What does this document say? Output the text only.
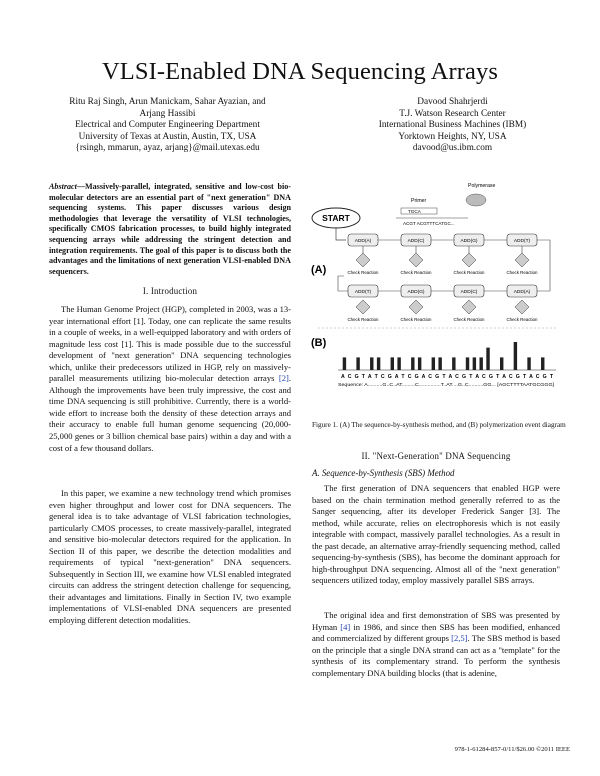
VLSI-Enabled DNA Sequencing Arrays
Ritu Raj Singh, Arun Manickam, Sahar Ayazian, and
Arjang Hassibi
Electrical and Computer Engineering Department
University of Texas at Austin, Austin, TX, USA
{rsingh, mmarun, ayaz, arjang}@mail.utexas.edu
Davood Shahrjerdi
T.J. Watson Research Center
International Business Machines (IBM)
Yorktown Heights, NY, USA
davood@us.ibm.com
Abstract—Massively-parallel, integrated, sensitive and low-cost bio-molecular detectors are an essential part of "next generation" DNA sequencing systems. This paper discusses various design methodologies that leverage the versatility of VLSI technologies, specifically CMOS fabrication processes, to build highly integrated sequencing arrays while addressing the stringent detection and integration requirements. The goal of this paper is to discuss both the advantages and the limitations of next generation VLSI-enabled DNA sequencers.
I. Introduction

The Human Genome Project (HGP), completed in 2003, was a 13-year international effort [1]. Today, one can replicate the same results in a couple of weeks, in a well-equipped laboratory and with orders of magnitude less cost [1]. This is made possible due to the successful development of "next generation" DNA sequencing technologies which, unlike their predecessors utilized in HGP, rely on massively-parallel measurements utilizing bio-molecular detection arrays [2]. Although the improvements have been truly impressive, the cost and time DNA sequencing is still prohibitive. Currently, there is a world-wide effort to increase both the density of these detection arrays and their accuracy to enable full human genome sequencing (20,000-25,000 genes or 3 billion chemical base pairs) within a day and with a cost of a few thousand dollars.

In this paper, we examine a new technology trend which promises even higher throughput and lower cost for DNA sequencers. The general idea is to take advantage of VLSI fabrication technologies, particularly CMOS processes, to create massively-parallel, integrated and sensitive bio-molecular detectors required for the application. In Section II of this paper, we describe the detection modalities and requirements of typical "next-generation" DNA sequencers. Subsequently in Section III, we examine how VLSI enabled integrated circuits can address the stringent detection challenge for sequencing, their advantages and limitations. Finally in Section IV, two example implementations of VLSI-enabled DNA sequencers are presented employing different detection modalities.

Primer
Polymerase
TGCA
ACGT ACGTTTCATGC...
START
(A)
ADD(A)	ADD(C)	ADD(G)	ADD(T)
Check Reaction	Check Reaction	Check Reaction	Check Reaction
ADD(T)	ADD(G)	ADD(C)	ADD(A)
Check Reaction	Check Reaction	Check Reaction	Check Reaction
(B)
A C G T A T C G A T C G A C G T A C G T A C G T A C G T A C G T
Sequence: A..........G..C..AT.........C...............T..AT....G..C..........GG... [AGCTTTTAATGCGGG]
Figure 1. (A) The sequence-by-synthesis method, and (B) polymerization event diagram
II. "Next-Generation" DNA Sequencing
A. Sequence-by-Synthesis (SBS) Method

The first generation of DNA sequencers that enabled HGP were based on the chain termination method generally referred to as the Sanger sequencing, after its developer Frederick Sanger [3]. The method, while accurate, relies on electrophoresis which is not easily integrable with compact, massively parallel technologies. As a result in the past decade, an alternative array-friendly sequencing method, called sequencing-by-synthesis (SBS), has become the dominant approach for high-throughput DNA sequencing. Almost all of the "next generation" sequencers utilized today, employ massively parallel SBS arrays.

The original idea and first demonstration of SBS was presented by Hyman [4] in 1986, and since then SBS has been modified, enhanced and commercialized by different groups [2,5]. The SBS method is based on the principle that a single DNA strand can act as a "template" for the synthesis of its complementary strand. To perform the synthesis complementary DNA building blocks (that is adenine,

978-1-61284-857-0/11/$26.00 ©2011 IEEE
